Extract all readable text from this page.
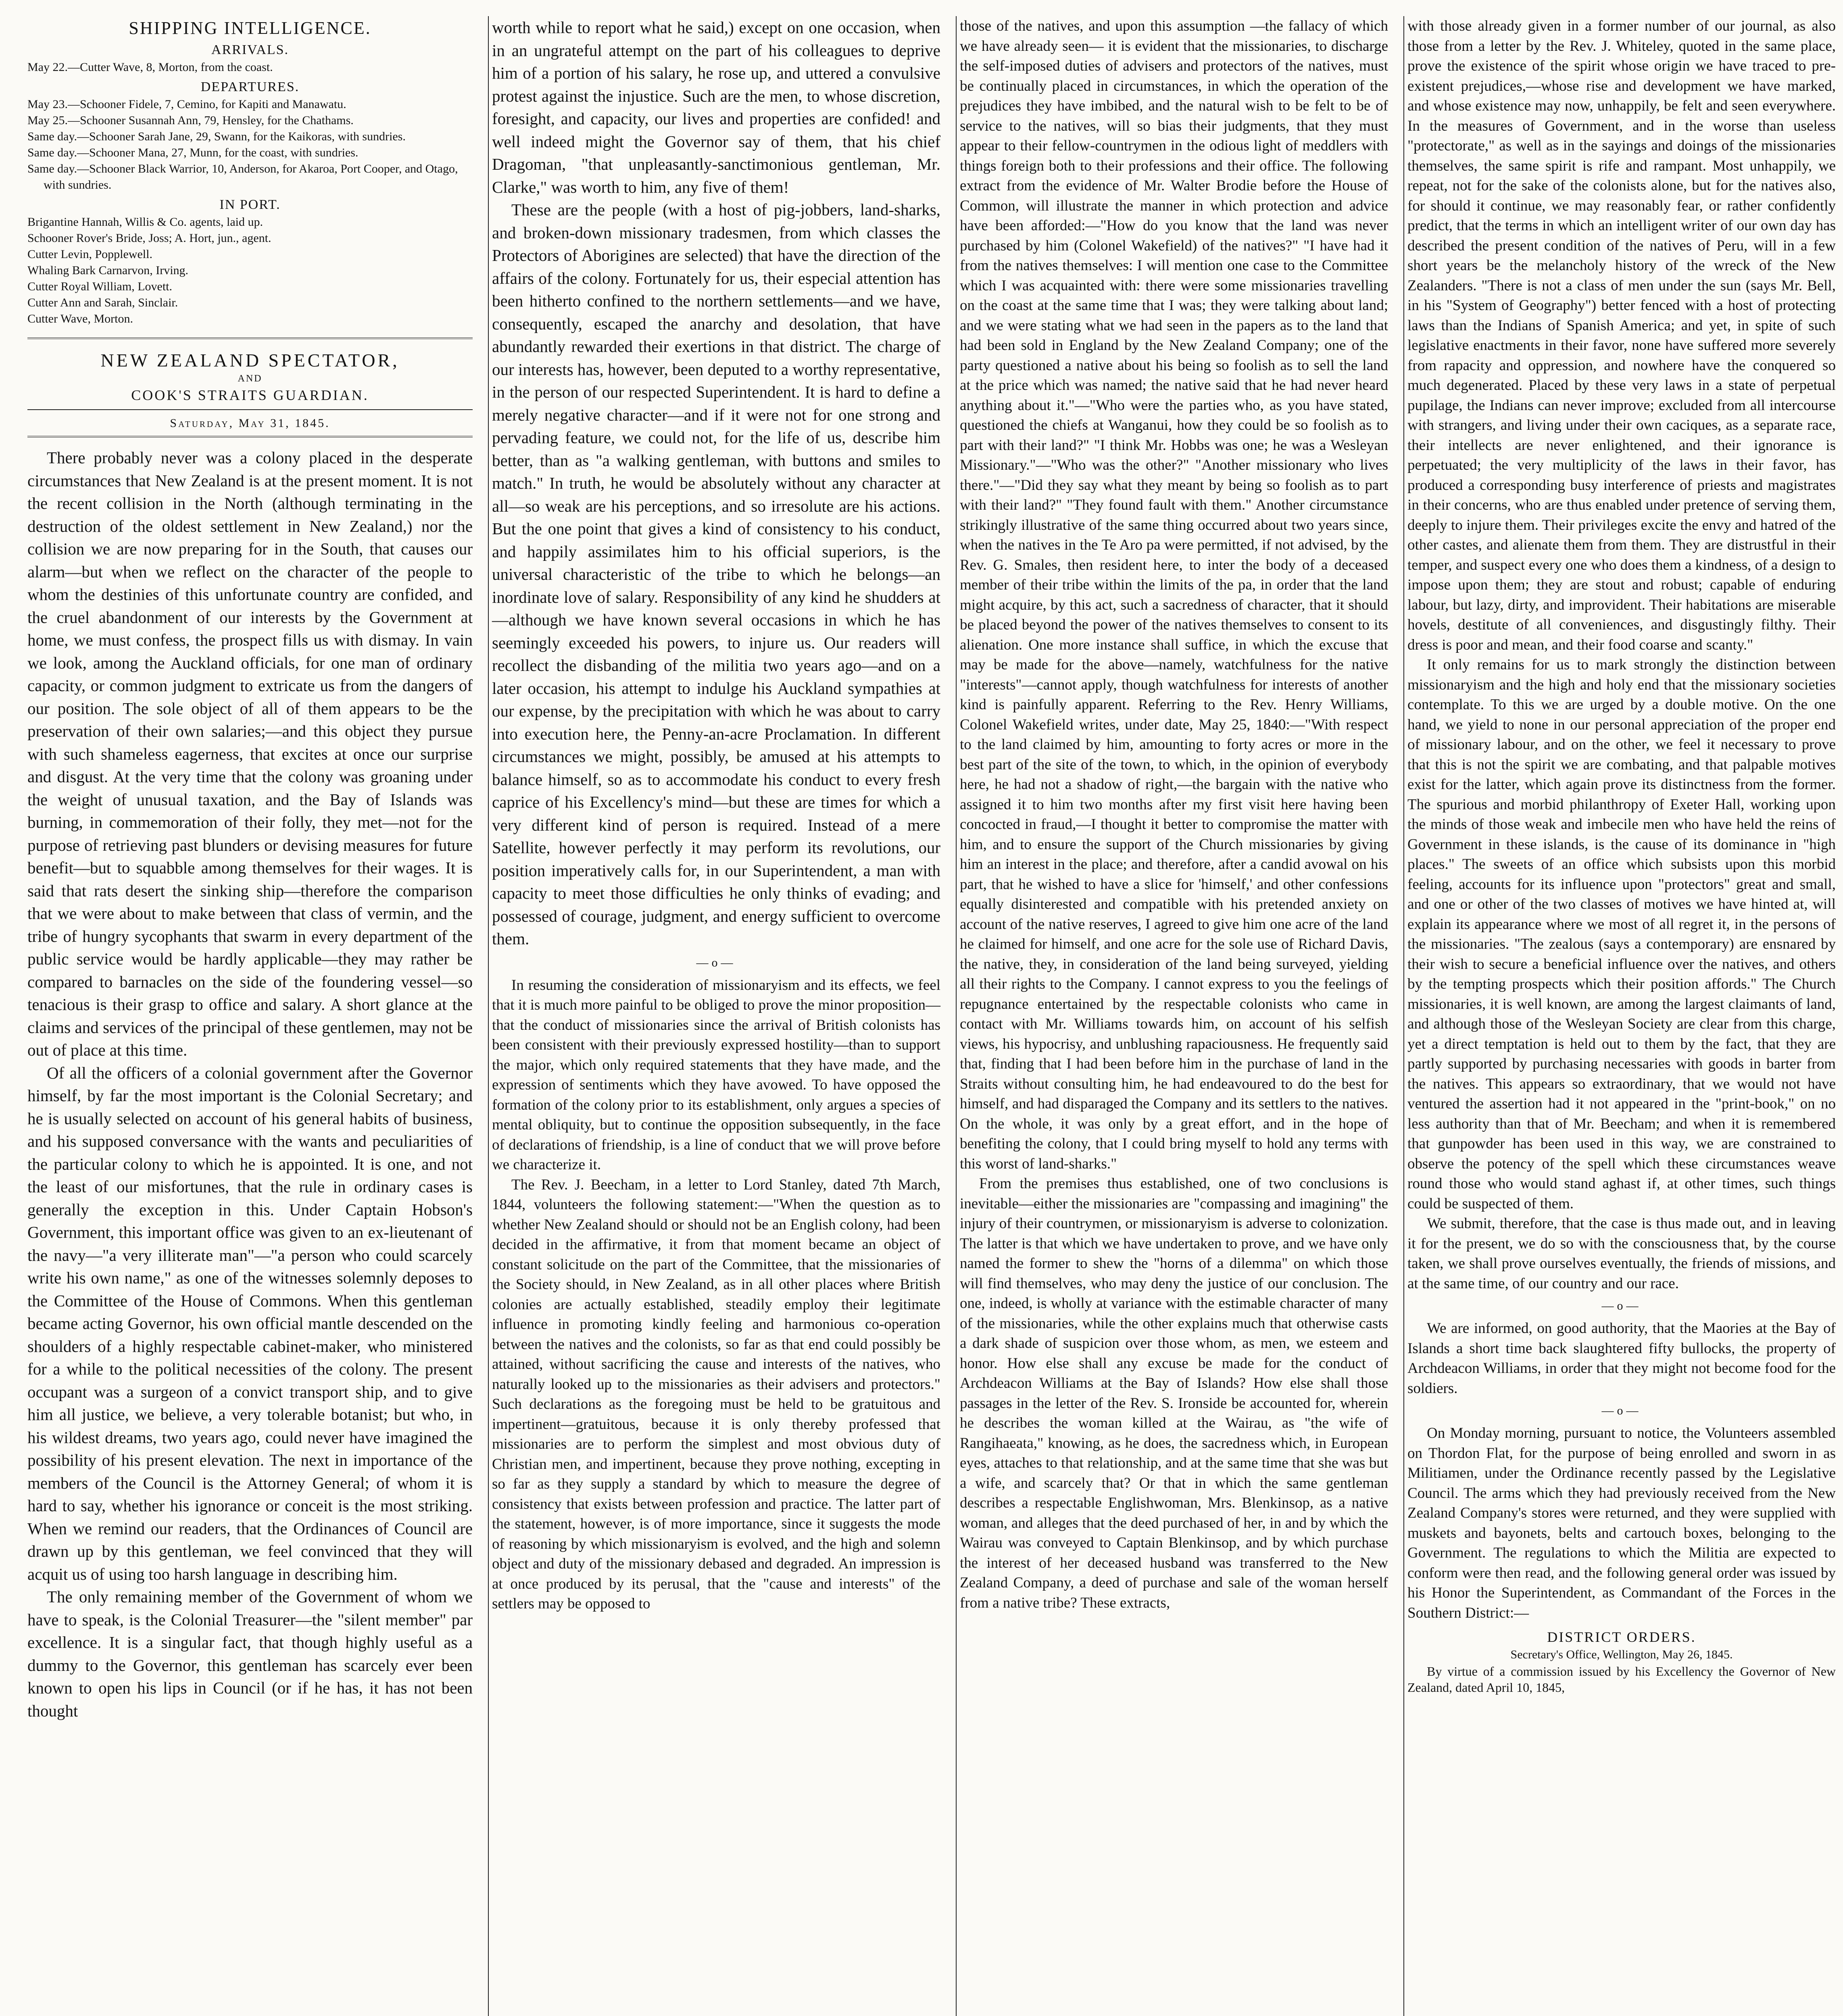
SHIPPING INTELLIGENCE.
ARRIVALS.

May 22.—Cutter Wave, 8, Morton, from the coast.

DEPARTURES.

May 23.—Schooner Fidele, 7, Cemino, for Kapiti and Manawatu.

May 25.—Schooner Susannah Ann, 79, Hensley, for the Chathams.

Same day.—Schooner Sarah Jane, 29, Swann, for the Kaikoras, with sundries.

Same day.—Schooner Mana, 27, Munn, for the coast, with sundries.

Same day.—Schooner Black Warrior, 10, Anderson, for Akaroa, Port Cooper, and Otago, with sundries.

IN PORT.

Brigantine Hannah, Willis & Co. agents, laid up.

Schooner Rover's Bride, Joss; A. Hort, jun., agent.

Cutter Levin, Popplewell.

Whaling Bark Carnarvon, Irving.

Cutter Royal William, Lovett.

Cutter Ann and Sarah, Sinclair.

Cutter Wave, Morton.

NEW ZEALAND SPECTATOR,
AND
COOK'S STRAITS GUARDIAN.
Saturday, May 31, 1845.

There probably never was a colony placed in the desperate circumstances that New Zealand is at the present moment. It is not the recent collision in the North (although terminating in the destruction of the oldest settlement in New Zealand,) nor the collision we are now preparing for in the South, that causes our alarm—but when we reflect on the character of the people to whom the destinies of this unfortunate country are confided, and the cruel abandonment of our interests by the Government at home, we must confess, the prospect fills us with dismay. In vain we look, among the Auckland officials, for one man of ordinary capacity, or common judgment to extricate us from the dangers of our position. The sole object of all of them appears to be the preservation of their own salaries;—and this object they pursue with such shameless eagerness, that excites at once our surprise and disgust. At the very time that the colony was groaning under the weight of unusual taxation, and the Bay of Islands was burning, in commemoration of their folly, they met—not for the purpose of retrieving past blunders or devising measures for future benefit—but to squabble among themselves for their wages. It is said that rats desert the sinking ship—therefore the comparison that we were about to make between that class of vermin, and the tribe of hungry sycophants that swarm in every department of the public service would be hardly applicable—they may rather be compared to barnacles on the side of the foundering vessel—so tenacious is their grasp to office and salary. A short glance at the claims and services of the principal of these gentlemen, may not be out of place at this time.

Of all the officers of a colonial government after the Governor himself, by far the most important is the Colonial Secretary; and he is usually selected on account of his general habits of business, and his supposed conversance with the wants and peculiarities of the particular colony to which he is appointed. It is one, and not the least of our misfortunes, that the rule in ordinary cases is generally the exception in this. Under Captain Hobson's Government, this important office was given to an ex-lieutenant of the navy—"a very illiterate man"—"a person who could scarcely write his own name," as one of the witnesses solemnly deposes to the Committee of the House of Commons. When this gentleman became acting Governor, his own official mantle descended on the shoulders of a highly respectable cabinet-maker, who ministered for a while to the political necessities of the colony. The present occupant was a surgeon of a convict transport ship, and to give him all justice, we believe, a very tolerable botanist; but who, in his wildest dreams, two years ago, could never have imagined the possibility of his present elevation. The next in importance of the members of the Council is the Attorney General; of whom it is hard to say, whether his ignorance or conceit is the most striking. When we remind our readers, that the Ordinances of Council are drawn up by this gentleman, we feel convinced that they will acquit us of using too harsh language in describing him.

The only remaining member of the Government of whom we have to speak, is the Colonial Treasurer—the "silent member" par excellence. It is a singular fact, that though highly useful as a dummy to the Governor, this gentleman has scarcely ever been known to open his lips in Council (or if he has, it has not been thought

worth while to report what he said,) except on one occasion, when in an ungrateful attempt on the part of his colleagues to deprive him of a portion of his salary, he rose up, and uttered a convulsive protest against the injustice. Such are the men, to whose discretion, foresight, and capacity, our lives and properties are confided! and well indeed might the Governor say of them, that his chief Dragoman, "that unpleasantly-sanctimonious gentleman, Mr. Clarke," was worth to him, any five of them!

These are the people (with a host of pig-jobbers, land-sharks, and broken-down missionary tradesmen, from which classes the Protectors of Aborigines are selected) that have the direction of the affairs of the colony. Fortunately for us, their especial attention has been hitherto confined to the northern settlements—and we have, consequently, escaped the anarchy and desolation, that have abundantly rewarded their exertions in that district. The charge of our interests has, however, been deputed to a worthy representative, in the person of our respected Superintendent. It is hard to define a merely negative character—and if it were not for one strong and pervading feature, we could not, for the life of us, describe him better, than as "a walking gentleman, with buttons and smiles to match." In truth, he would be absolutely without any character at all—so weak are his perceptions, and so irresolute are his actions. But the one point that gives a kind of consistency to his conduct, and happily assimilates him to his official superiors, is the universal characteristic of the tribe to which he belongs—an inordinate love of salary. Responsibility of any kind he shudders at—although we have known several occasions in which he has seemingly exceeded his powers, to injure us. Our readers will recollect the disbanding of the militia two years ago—and on a later occasion, his attempt to indulge his Auckland sympathies at our expense, by the precipitation with which he was about to carry into execution here, the Penny-an-acre Proclamation. In different circumstances we might, possibly, be amused at his attempts to balance himself, so as to accommodate his conduct to every fresh caprice of his Excellency's mind—but these are times for which a very different kind of person is required. Instead of a mere Satellite, however perfectly it may perform its revolutions, our position imperatively calls for, in our Superintendent, a man with capacity to meet those difficulties he only thinks of evading; and possessed of courage, judgment, and energy sufficient to overcome them.

—o—

In resuming the consideration of missionaryism and its effects, we feel that it is much more painful to be obliged to prove the minor proposition—that the conduct of missionaries since the arrival of British colonists has been consistent with their previously expressed hostility—than to support the major, which only required statements that they have made, and the expression of sentiments which they have avowed. To have opposed the formation of the colony prior to its establishment, only argues a species of mental obliquity, but to continue the opposition subsequently, in the face of declarations of friendship, is a line of conduct that we will prove before we characterize it.

The Rev. J. Beecham, in a letter to Lord Stanley, dated 7th March, 1844, volunteers the following statement:—"When the question as to whether New Zealand should or should not be an English colony, had been decided in the affirmative, it from that moment became an object of constant solicitude on the part of the Committee, that the missionaries of the Society should, in New Zealand, as in all other places where British colonies are actually established, steadily employ their legitimate influence in promoting kindly feeling and harmonious co-operation between the natives and the colonists, so far as that end could possibly be attained, without sacrificing the cause and interests of the natives, who naturally looked up to the missionaries as their advisers and protectors." Such declarations as the foregoing must be held to be gratuitous and impertinent—gratuitous, because it is only thereby professed that missionaries are to perform the simplest and most obvious duty of Christian men, and impertinent, because they prove nothing, excepting in so far as they supply a standard by which to measure the degree of consistency that exists between profession and practice. The latter part of the statement, however, is of more importance, since it suggests the mode of reasoning by which missionaryism is evolved, and the high and solemn object and duty of the missionary debased and degraded. An impression is at once produced by its perusal, that the "cause and interests" of the settlers may be opposed to

those of the natives, and upon this assumption —the fallacy of which we have already seen— it is evident that the missionaries, to discharge the self-imposed duties of advisers and protectors of the natives, must be continually placed in circumstances, in which the operation of the prejudices they have imbibed, and the natural wish to be felt to be of service to the natives, will so bias their judgments, that they must appear to their fellow-countrymen in the odious light of meddlers with things foreign both to their professions and their office. The following extract from the evidence of Mr. Walter Brodie before the House of Common, will illustrate the manner in which protection and advice have been afforded:—"How do you know that the land was never purchased by him (Colonel Wakefield) of the natives?" "I have had it from the natives themselves: I will mention one case to the Committee which I was acquainted with: there were some missionaries travelling on the coast at the same time that I was; they were talking about land; and we were stating what we had seen in the papers as to the land that had been sold in England by the New Zealand Company; one of the party questioned a native about his being so foolish as to sell the land at the price which was named; the native said that he had never heard anything about it."—"Who were the parties who, as you have stated, questioned the chiefs at Wanganui, how they could be so foolish as to part with their land?" "I think Mr. Hobbs was one; he was a Wesleyan Missionary."—"Who was the other?" "Another missionary who lives there."—"Did they say what they meant by being so foolish as to part with their land?" "They found fault with them." Another circumstance strikingly illustrative of the same thing occurred about two years since, when the natives in the Te Aro pa were permitted, if not advised, by the Rev. G. Smales, then resident here, to inter the body of a deceased member of their tribe within the limits of the pa, in order that the land might acquire, by this act, such a sacredness of character, that it should be placed beyond the power of the natives themselves to consent to its alienation. One more instance shall suffice, in which the excuse that may be made for the above—namely, watchfulness for the native "interests"—cannot apply, though watchfulness for interests of another kind is painfully apparent. Referring to the Rev. Henry Williams, Colonel Wakefield writes, under date, May 25, 1840:—"With respect to the land claimed by him, amounting to forty acres or more in the best part of the site of the town, to which, in the opinion of everybody here, he had not a shadow of right,—the bargain with the native who assigned it to him two months after my first visit here having been concocted in fraud,—I thought it better to compromise the matter with him, and to ensure the support of the Church missionaries by giving him an interest in the place; and therefore, after a candid avowal on his part, that he wished to have a slice for 'himself,' and other confessions equally disinterested and compatible with his pretended anxiety on account of the native reserves, I agreed to give him one acre of the land he claimed for himself, and one acre for the sole use of Richard Davis, the native, they, in consideration of the land being surveyed, yielding all their rights to the Company. I cannot express to you the feelings of repugnance entertained by the respectable colonists who came in contact with Mr. Williams towards him, on account of his selfish views, his hypocrisy, and unblushing rapaciousness. He frequently said that, finding that I had been before him in the purchase of land in the Straits without consulting him, he had endeavoured to do the best for himself, and had disparaged the Company and its settlers to the natives. On the whole, it was only by a great effort, and in the hope of benefiting the colony, that I could bring myself to hold any terms with this worst of land-sharks."

From the premises thus established, one of two conclusions is inevitable—either the missionaries are "compassing and imagining" the injury of their countrymen, or missionaryism is adverse to colonization. The latter is that which we have undertaken to prove, and we have only named the former to shew the "horns of a dilemma" on which those will find themselves, who may deny the justice of our conclusion. The one, indeed, is wholly at variance with the estimable character of many of the missionaries, while the other explains much that otherwise casts a dark shade of suspicion over those whom, as men, we esteem and honor. How else shall any excuse be made for the conduct of Archdeacon Williams at the Bay of Islands? How else shall those passages in the letter of the Rev. S. Ironside be accounted for, wherein he describes the woman killed at the Wairau, as "the wife of Rangihaeata," knowing, as he does, the sacredness which, in European eyes, attaches to that relationship, and at the same time that she was but a wife, and scarcely that? Or that in which the same gentleman describes a respectable Englishwoman, Mrs. Blenkinsop, as a native woman, and alleges that the deed purchased of her, in and by which the Wairau was conveyed to Captain Blenkinsop, and by which purchase the interest of her deceased husband was transferred to the New Zealand Company, a deed of purchase and sale of the woman herself from a native tribe? These extracts,

with those already given in a former number of our journal, as also those from a letter by the Rev. J. Whiteley, quoted in the same place, prove the existence of the spirit whose origin we have traced to pre-existent prejudices,—whose rise and development we have marked, and whose existence may now, unhappily, be felt and seen everywhere. In the measures of Government, and in the worse than useless "protectorate," as well as in the sayings and doings of the missionaries themselves, the same spirit is rife and rampant. Most unhappily, we repeat, not for the sake of the colonists alone, but for the natives also, for should it continue, we may reasonably fear, or rather confidently predict, that the terms in which an intelligent writer of our own day has described the present condition of the natives of Peru, will in a few short years be the melancholy history of the wreck of the New Zealanders. "There is not a class of men under the sun (says Mr. Bell, in his "System of Geography") better fenced with a host of protecting laws than the Indians of Spanish America; and yet, in spite of such legislative enactments in their favor, none have suffered more severely from rapacity and oppression, and nowhere have the conquered so much degenerated. Placed by these very laws in a state of perpetual pupilage, the Indians can never improve; excluded from all intercourse with strangers, and living under their own caciques, as a separate race, their intellects are never enlightened, and their ignorance is perpetuated; the very multiplicity of the laws in their favor, has produced a corresponding busy interference of priests and magistrates in their concerns, who are thus enabled under pretence of serving them, deeply to injure them. Their privileges excite the envy and hatred of the other castes, and alienate them from them. They are distrustful in their temper, and suspect every one who does them a kindness, of a design to impose upon them; they are stout and robust; capable of enduring labour, but lazy, dirty, and improvident. Their habitations are miserable hovels, destitute of all conveniences, and disgustingly filthy. Their dress is poor and mean, and their food coarse and scanty."

It only remains for us to mark strongly the distinction between missionaryism and the high and holy end that the missionary societies contemplate. To this we are urged by a double motive. On the one hand, we yield to none in our personal appreciation of the proper end of missionary labour, and on the other, we feel it necessary to prove that this is not the spirit we are combating, and that palpable motives exist for the latter, which again prove its distinctness from the former. The spurious and morbid philanthropy of Exeter Hall, working upon the minds of those weak and imbecile men who have held the reins of Government in these islands, is the cause of its dominance in "high places." The sweets of an office which subsists upon this morbid feeling, accounts for its influence upon "protectors" great and small, and one or other of the two classes of motives we have hinted at, will explain its appearance where we most of all regret it, in the persons of the missionaries. "The zealous (says a contemporary) are ensnared by their wish to secure a beneficial influence over the natives, and others by the tempting prospects which their position affords." The Church missionaries, it is well known, are among the largest claimants of land, and although those of the Wesleyan Society are clear from this charge, yet a direct temptation is held out to them by the fact, that they are partly supported by purchasing necessaries with goods in barter from the natives. This appears so extraordinary, that we would not have ventured the assertion had it not appeared in the "print-book," on no less authority than that of Mr. Beecham; and when it is remembered that gunpowder has been used in this way, we are constrained to observe the potency of the spell which these circumstances weave round those who would stand aghast if, at other times, such things could be suspected of them.

We submit, therefore, that the case is thus made out, and in leaving it for the present, we do so with the consciousness that, by the course taken, we shall prove ourselves eventually, the friends of missions, and at the same time, of our country and our race.

—o—

We are informed, on good authority, that the Maories at the Bay of Islands a short time back slaughtered fifty bullocks, the property of Archdeacon Williams, in order that they might not become food for the soldiers.

—o—

On Monday morning, pursuant to notice, the Volunteers assembled on Thordon Flat, for the purpose of being enrolled and sworn in as Militiamen, under the Ordinance recently passed by the Legislative Council. The arms which they had previously received from the New Zealand Company's stores were returned, and they were supplied with muskets and bayonets, belts and cartouch boxes, belonging to the Government. The regulations to which the Militia are expected to conform were then read, and the following general order was issued by his Honor the Superintendent, as Commandant of the Forces in the Southern District:—

DISTRICT ORDERS.
Secretary's Office, Wellington, May 26, 1845.

By virtue of a commission issued by his Excellency the Governor of New Zealand, dated April 10, 1845,
